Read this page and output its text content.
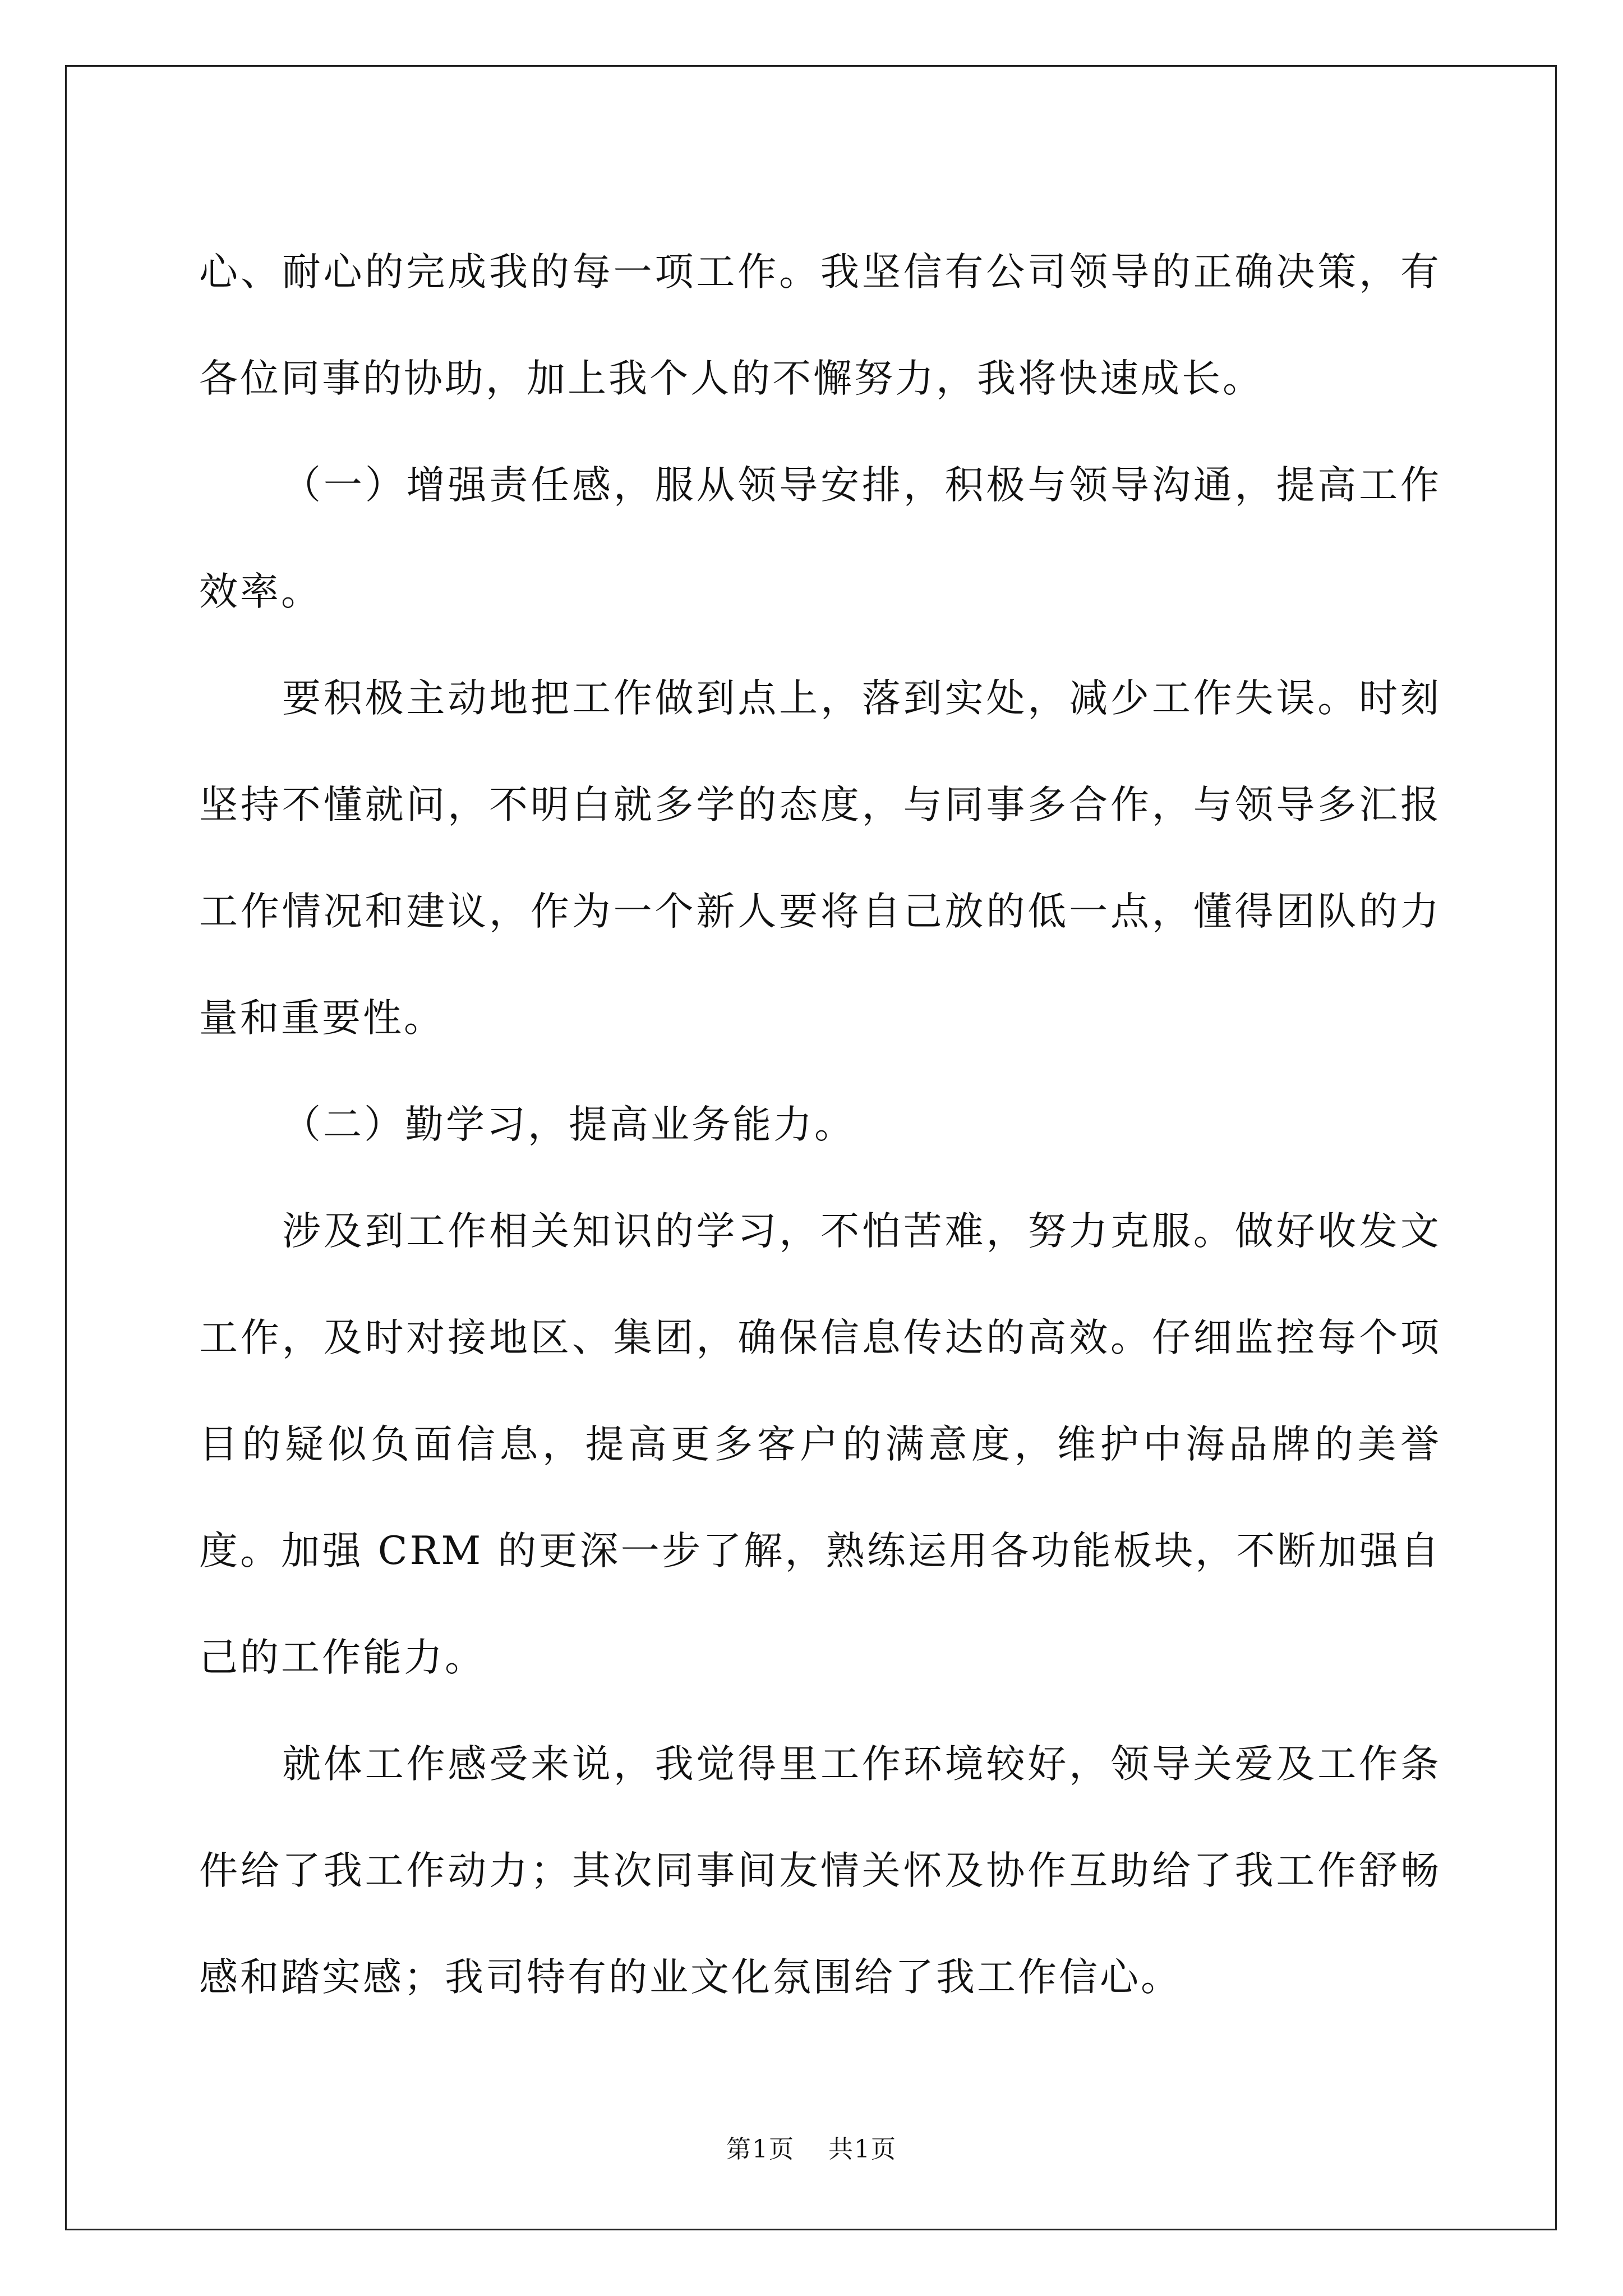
心、耐心的完成我的每一项工作。我坚信有公司领导的正确决策，有各位同事的协助，加上我个人的不懈努力，我将快速成长。

（一）增强责任感，服从领导安排，积极与领导沟通，提高工作效率。

要积极主动地把工作做到点上，落到实处，减少工作失误。时刻坚持不懂就问，不明白就多学的态度，与同事多合作，与领导多汇报工作情况和建议，作为一个新人要将自己放的低一点，懂得团队的力量和重要性。

（二）勤学习，提高业务能力。

涉及到工作相关知识的学习，不怕苦难，努力克服。做好收发文工作，及时对接地区、集团，确保信息传达的高效。仔细监控每个项目的疑似负面信息，提高更多客户的满意度，维护中海品牌的美誉度。加强 CRM 的更深一步了解，熟练运用各功能板块，不断加强自己的工作能力。

就体工作感受来说，我觉得里工作环境较好，领导关爱及工作条件给了我工作动力；其次同事间友情关怀及协作互助给了我工作舒畅感和踏实感；我司特有的业文化氛围给了我工作信心。

第1页 共1页
